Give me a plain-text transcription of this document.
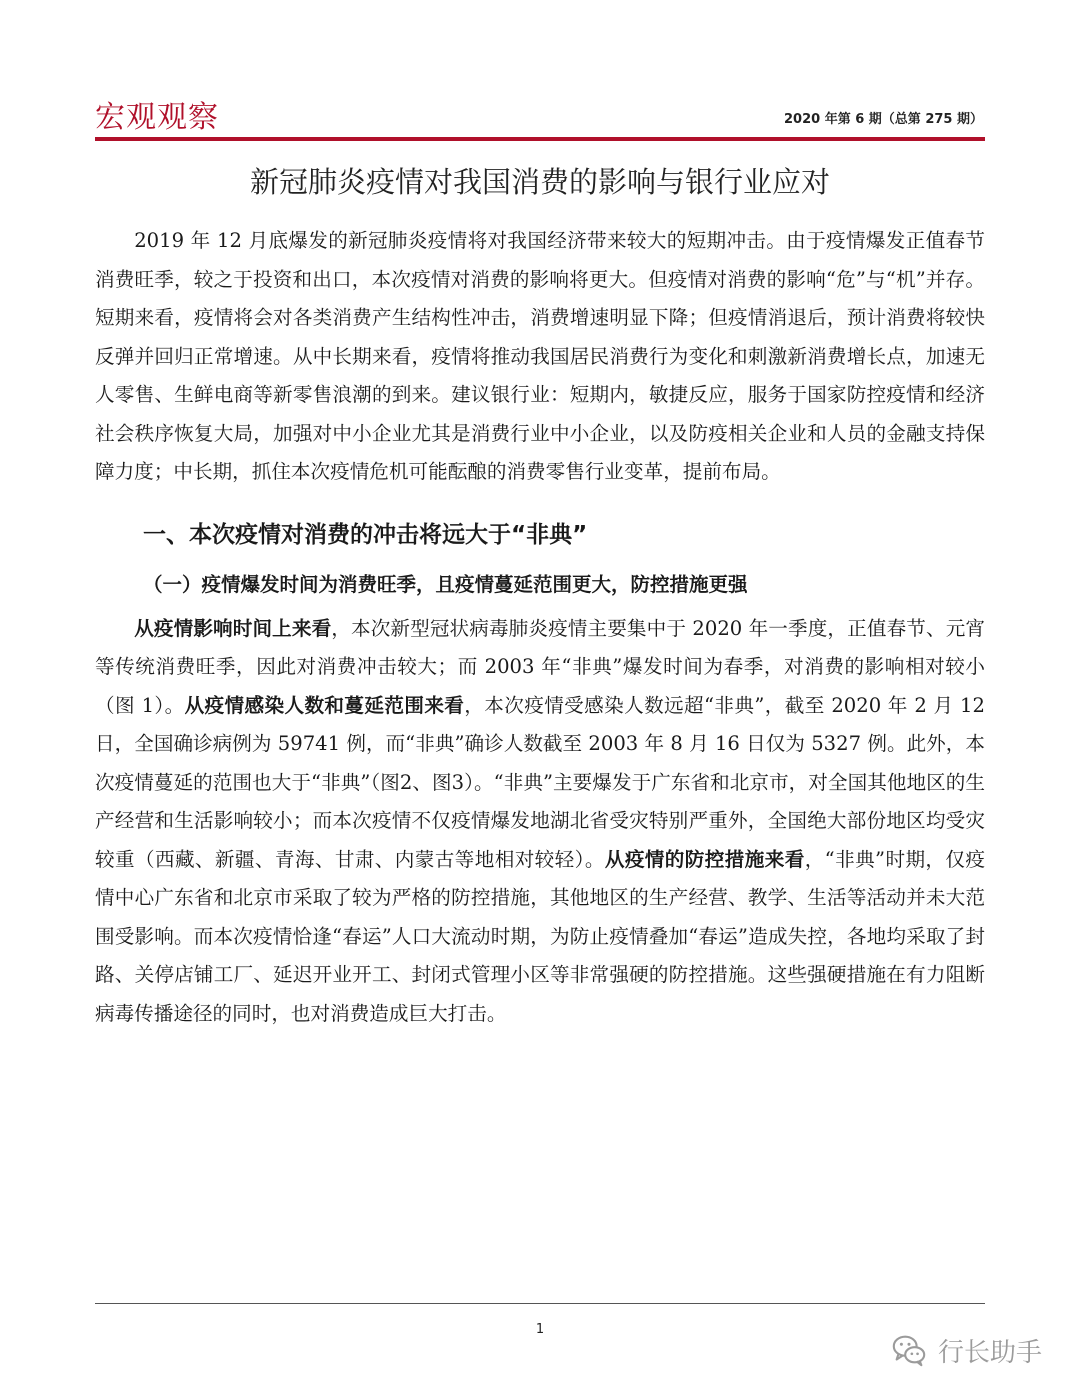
宏观观察	2020 年第 6 期（总第 275 期）
新冠肺炎疫情对我国消费的影响与银行业应对

2019 年 12 月底爆发的新冠肺炎疫情将对我国经济带来较大的短期冲击。由于疫情爆发正值春节消费旺季，较之于投资和出口，本次疫情对消费的影响将更大。但疫情对消费的影响“危”与“机”并存。短期来看，疫情将会对各类消费产生结构性冲击，消费增速明显下降；但疫情消退后，预计消费将较快反弹并回归正常增速。从中长期来看，疫情将推动我国居民消费行为变化和刺激新消费增长点，加速无人零售、生鲜电商等新零售浪潮的到来。建议银行业：短期内，敏捷反应，服务于国家防控疫情和经济社会秩序恢复大局，加强对中小企业尤其是消费行业中小企业，以及防疫相关企业和人员的金融支持保障力度；中长期，抓住本次疫情危机可能酝酿的消费零售行业变革，提前布局。

一、本次疫情对消费的冲击将远大于“非典”
（一）疫情爆发时间为消费旺季，且疫情蔓延范围更大，防控措施更强

从疫情影响时间上来看，本次新型冠状病毒肺炎疫情主要集中于 2020 年一季度，正值春节、元宵等传统消费旺季，因此对消费冲击较大；而 2003 年“非典”爆发时间为春季，对消费的影响相对较小（图 1）。从疫情感染人数和蔓延范围来看，本次疫情受感染人数远超“非典”，截至 2020 年 2 月 12 日，全国确诊病例为 59741 例，而“非典”确诊人数截至 2003 年 8 月 16 日仅为 5327 例。此外，本次疫情蔓延的范围也大于“非典”（图2、图3）。“非典”主要爆发于广东省和北京市，对全国其他地区的生产经营和生活影响较小；而本次疫情不仅疫情爆发地湖北省受灾特别严重外，全国绝大部份地区均受灾较重（西藏、新疆、青海、甘肃、内蒙古等地相对较轻）。从疫情的防控措施来看，“非典”时期，仅疫情中心广东省和北京市采取了较为严格的防控措施，其他地区的生产经营、教学、生活等活动并未大范围受影响。而本次疫情恰逢“春运”人口大流动时期，为防止疫情叠加“春运”造成失控，各地均采取了封路、关停店铺工厂、延迟开业开工、封闭式管理小区等非常强硬的防控措施。这些强硬措施在有力阻断病毒传播途径的同时，也对消费造成巨大打击。

1
行长助手
